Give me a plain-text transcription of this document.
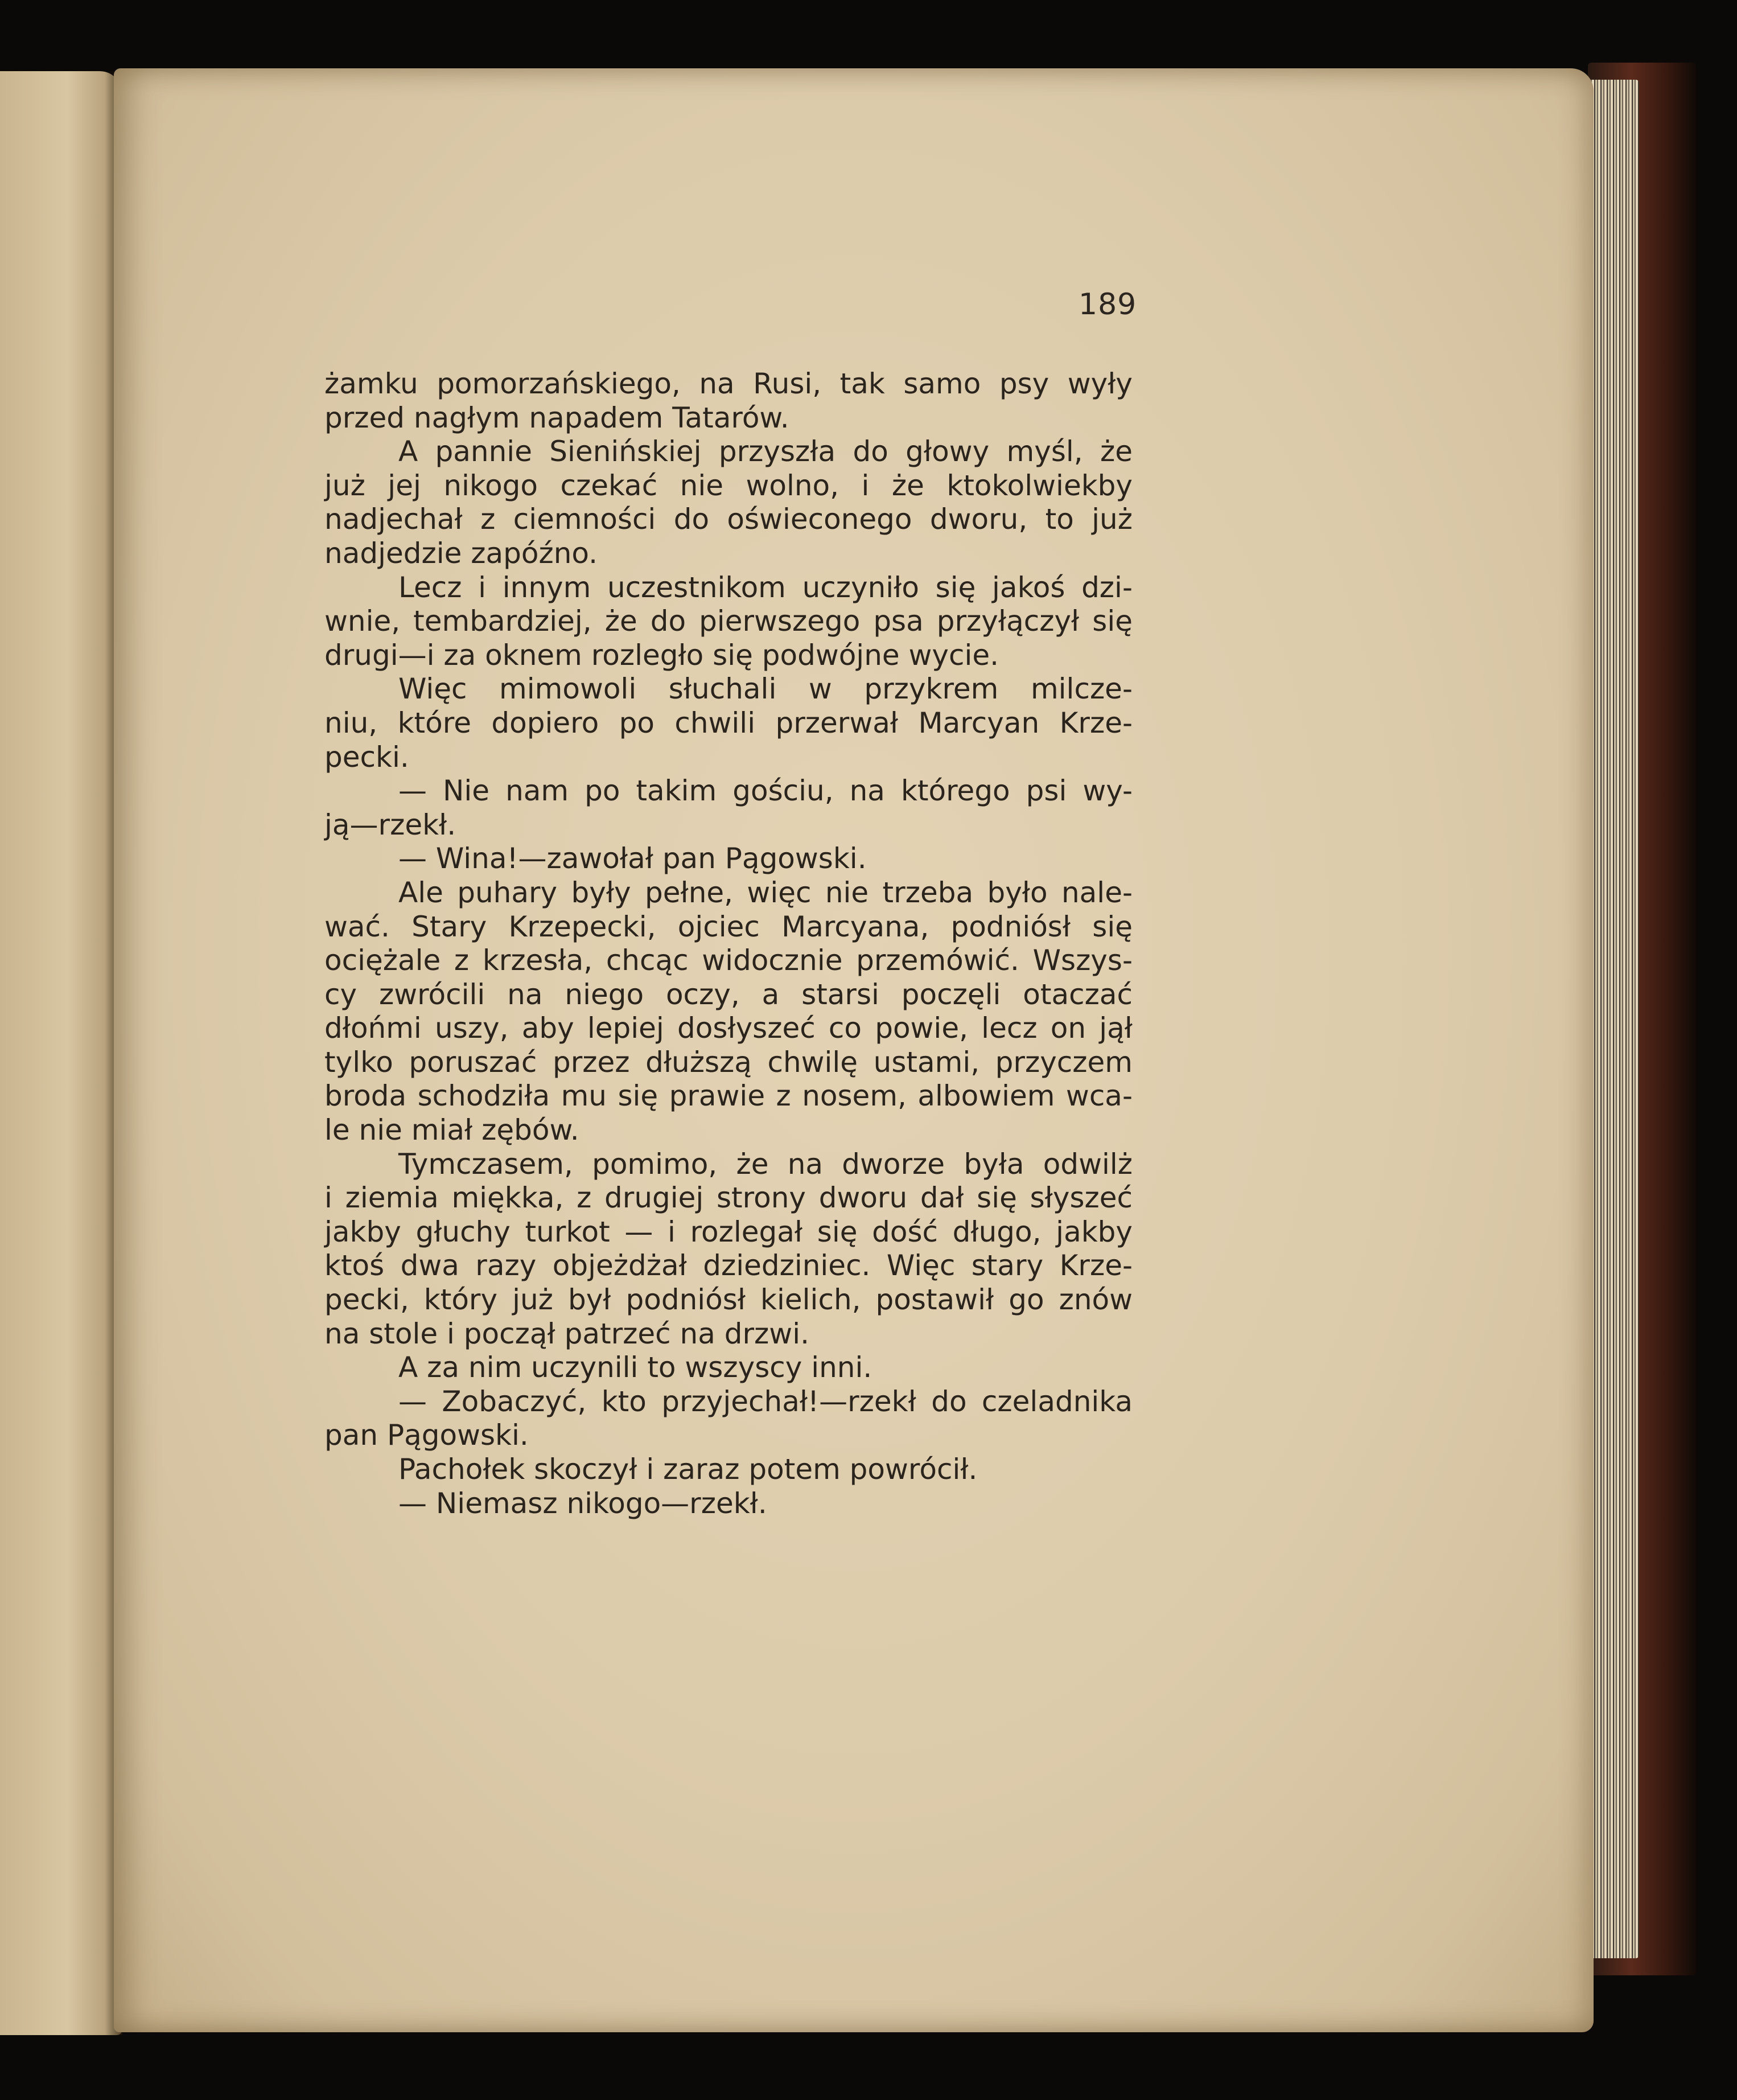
189
żamku pomorzańskiego, na Rusi, tak samo psy wyły
przed nagłym napadem Tatarów.
A pannie Sienińskiej przyszła do głowy myśl, że
już jej nikogo czekać nie wolno, i że ktokolwiekby
nadjechał z ciemności do oświeconego dworu, to już
nadjedzie zapóźno.
Lecz i innym uczestnikom uczyniło się jakoś dzi-
wnie, tembardziej, że do pierwszego psa przyłączył się
drugi—i za oknem rozległo się podwójne wycie.
Więc mimowoli słuchali w przykrem milcze-
niu, które dopiero po chwili przerwał Marcyan Krze-
pecki.
— Nie nam po takim gościu, na którego psi wy-
ją—rzekł.
— Wina!—zawołał pan Pągowski.
Ale puhary były pełne, więc nie trzeba było nale-
wać. Stary Krzepecki, ojciec Marcyana, podniósł się
ociężale z krzesła, chcąc widocznie przemówić. Wszys-
cy zwrócili na niego oczy, a starsi poczęli otaczać
dłońmi uszy, aby lepiej dosłyszeć co powie, lecz on jął
tylko poruszać przez dłuższą chwilę ustami, przyczem
broda schodziła mu się prawie z nosem, albowiem wca-
le nie miał zębów.
Tymczasem, pomimo, że na dworze była odwilż
i ziemia miękka, z drugiej strony dworu dał się słyszeć
jakby głuchy turkot — i rozlegał się dość długo, jakby
ktoś dwa razy objeżdżał dziedziniec. Więc stary Krze-
pecki, który już był podniósł kielich, postawił go znów
na stole i począł patrzeć na drzwi.
A za nim uczynili to wszyscy inni.
— Zobaczyć, kto przyjechał!—rzekł do czeladnika
pan Pągowski.
Pachołek skoczył i zaraz potem powrócił.
— Niemasz nikogo—rzekł.
